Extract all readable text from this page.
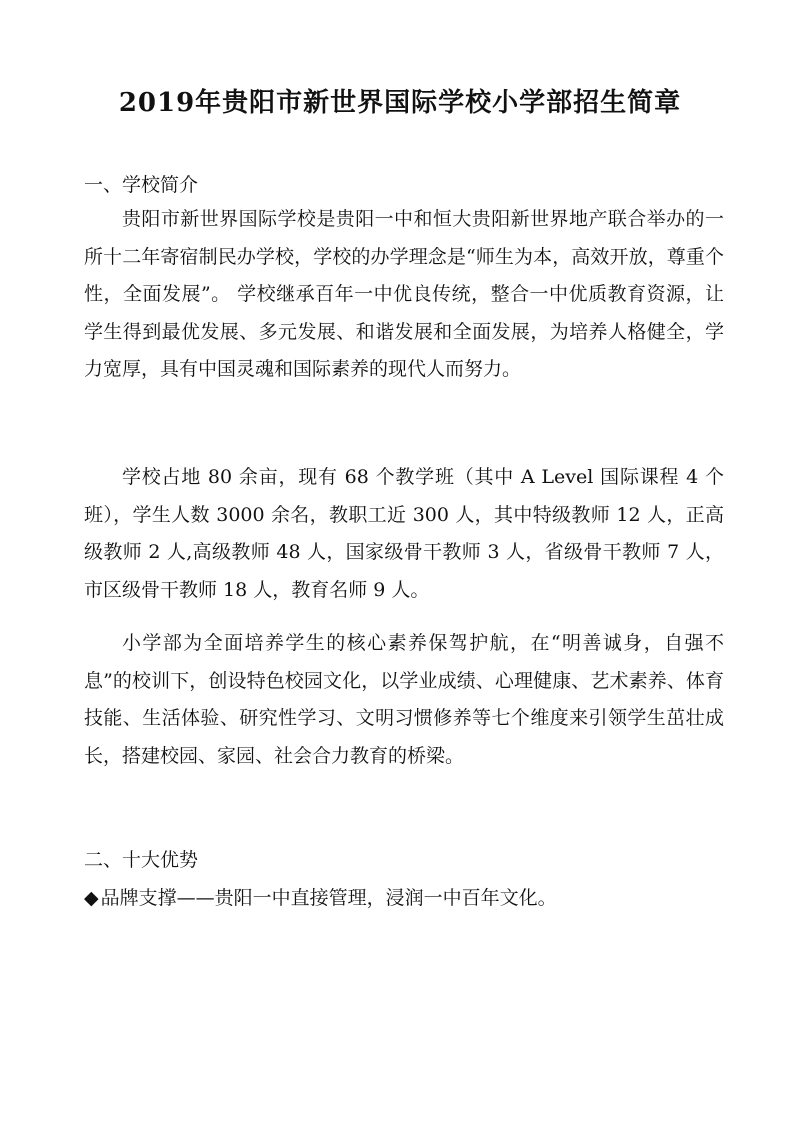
2019年贵阳市新世界国际学校小学部招生简章

一、学校简介

贵阳市新世界国际学校是贵阳一中和恒大贵阳新世界地产联合举办的一所十二年寄宿制民办学校，学校的办学理念是“师生为本，高效开放，尊重个性，全面发展”。 学校继承百年一中优良传统，整合一中优质教育资源，让学生得到最优发展、多元发展、和谐发展和全面发展，为培养人格健全，学力宽厚，具有中国灵魂和国际素养的现代人而努力。

学校占地 80 余亩，现有 68 个教学班（其中 A Level 国际课程 4 个班），学生人数 3000 余名，教职工近 300 人，其中特级教师 12 人，正高级教师 2 人,高级教师 48 人，国家级骨干教师 3 人，省级骨干教师 7 人，市区级骨干教师 18 人，教育名师 9 人。

小学部为全面培养学生的核心素养保驾护航，在“明善诚身，自强不息”的校训下，创设特色校园文化，以学业成绩、心理健康、艺术素养、体育技能、生活体验、研究性学习、文明习惯修养等七个维度来引领学生茁壮成长，搭建校园、家园、社会合力教育的桥梁。

二、十大优势

◆ 品牌支撑——贵阳一中直接管理，浸润一中百年文化。
